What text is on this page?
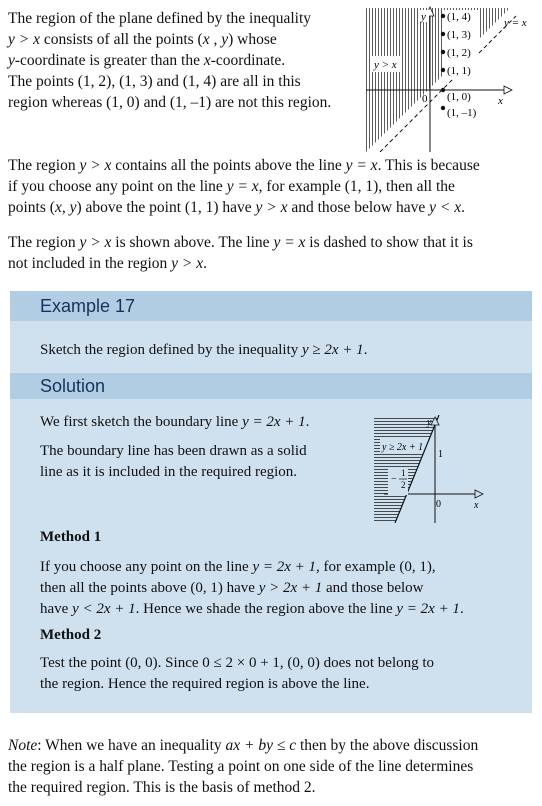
The region of the plane defined by the inequality
y > x consists of all the points (x , y) whose
y-coordinate is greater than the x-coordinate.
The points (1, 2), (1, 3) and (1, 4) are all in this
region whereas (1, 0) and (1, –1) are not this region.
y > x
y
x
0
y = x
(1, 4)
(1, 3)
(1, 2)
(1, 1)
(1, 0)
(1, –1)
The region y > x contains all the points above the line y = x. This is because
if you choose any point on the line y = x, for example (1, 1), then all the
points (x, y) above the point (1, 1) have y > x and those below have y < x.
The region y > x is shown above. The line y = x is dashed to show that it is
not included in the region y > x.
Example 17
Sketch the region defined by the inequality y ≥ 2x + 1.
Solution
We first sketch the boundary line y = 2x + 1.
The boundary line has been drawn as a solid
line as it is included in the required region.
y ≥ 2x + 1
y
x
0
1
−
1
2
Method 1
If you choose any point on the line y = 2x + 1, for example (0, 1),
then all the points above (0, 1) have y > 2x + 1 and those below
have y < 2x + 1. Hence we shade the region above the line y = 2x + 1.
Method 2
Test the point (0, 0). Since 0 ≤ 2 × 0 + 1, (0, 0) does not belong to
the region. Hence the required region is above the line.
Note: When we have an inequality ax + by ≤ c then by the above discussion
the region is a half plane. Testing a point on one side of the line determines
the required region. This is the basis of method 2.
